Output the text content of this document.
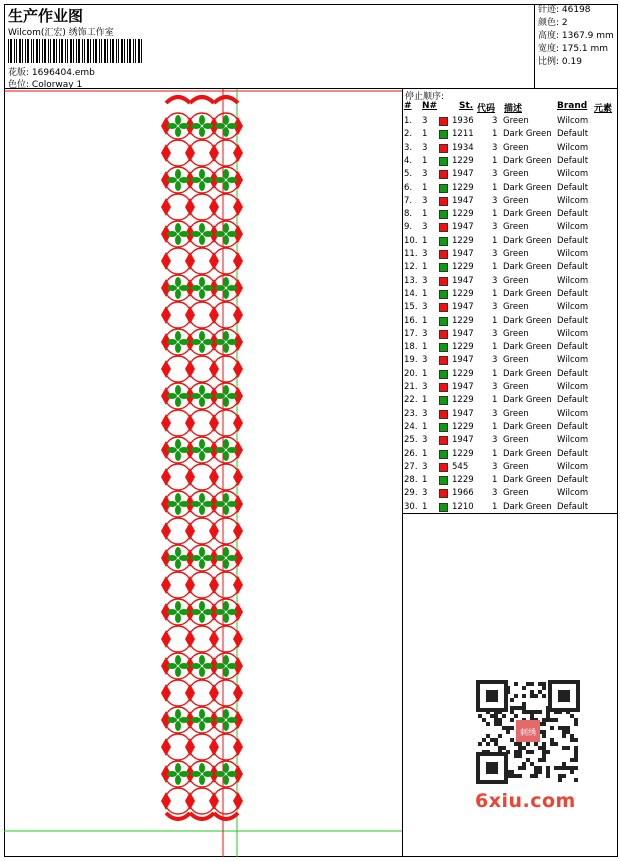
生产作业图
Wilcom(汇宏) 绣饰工作室
花版: 1696404.emb
色位: Colorway 1
针迹: 46198
颜色: 2
高度: 1367.9 mm
宽度: 175.1 mm
比例: 0.19
停止顺序:
# N# St. 代码 描述	Brand 元素
1. 3	1936 3 Green	Wilcom
2. 1	1211 1 Dark Green Default
3. 3	1934 3 Green	Wilcom
4. 1	1229 1 Dark Green Default
5. 3	1947 3 Green	Wilcom
6. 1	1229 1 Dark Green Default
7. 3	1947 3 Green	Wilcom
8. 1	1229 1 Dark Green Default
9. 3	1947 3 Green	Wilcom
10. 1	1229 1 Dark Green Default
11. 3	1947 3 Green	Wilcom
12. 1	1229 1 Dark Green Default
13. 3	1947 3 Green	Wilcom
14. 1	1229 1 Dark Green Default
15. 3	1947 3 Green	Wilcom
16. 1	1229 1 Dark Green Default
17. 3	1947 3 Green	Wilcom
18. 1	1229 1 Dark Green Default
19. 3	1947 3 Green	Wilcom
20. 1	1229 1 Dark Green Default
21. 3	1947 3 Green	Wilcom
22. 1	1229 1 Dark Green Default
23. 3	1947 3 Green	Wilcom
24. 1	1229 1 Dark Green Default
25. 3	1947 3 Green	Wilcom
26. 1	1229 1 Dark Green Default
27. 3	545	3 Green	Wilcom
28. 1	1229 1 Dark Green Default
29. 3	1966 3 Green	Wilcom
30. 1	1210 1 Dark Green Default
刺绣
6xiu.com
